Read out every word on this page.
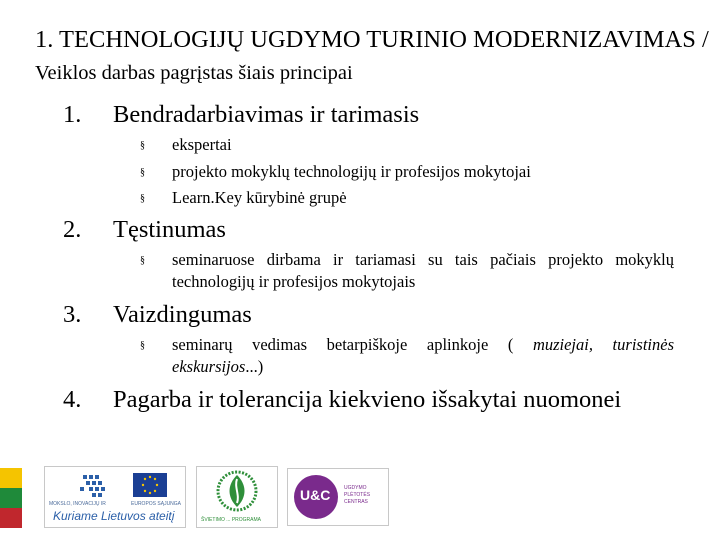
1. TECHNOLOGIJŲ UGDYMO TURINIO MODERNIZAVIMAS / Veiklos darbas pagrįstas šiais principai
1.	Bendradarbiavimas ir tarimasis
§ ekspertai
§ projekto mokyklų technologijų ir profesijos mokytojai
§ Learn.Key kūrybinė grupė
2.	Tęstinumas
§ seminaruose dirbama ir tariamasi su tais pačiais projekto mokyklų technologijų ir profesijos mokytojais
3.	Vaizdingumas
§ seminarų vedimas betarpiškoje aplinkoje ( muziejai, turistinės ekskursijos...)
4.	Pagarba ir tolerancija kiekvieno išsakytai nuomonei
MOKSLO, INOVACIJŲ IR	EUROPOS SĄJUNGA
Kuriame Lietuvos ateitį	ŠVIETIMO ... PROGRAMA
U&C	UGDYMO PLĖTOTĖS CENTRAS
